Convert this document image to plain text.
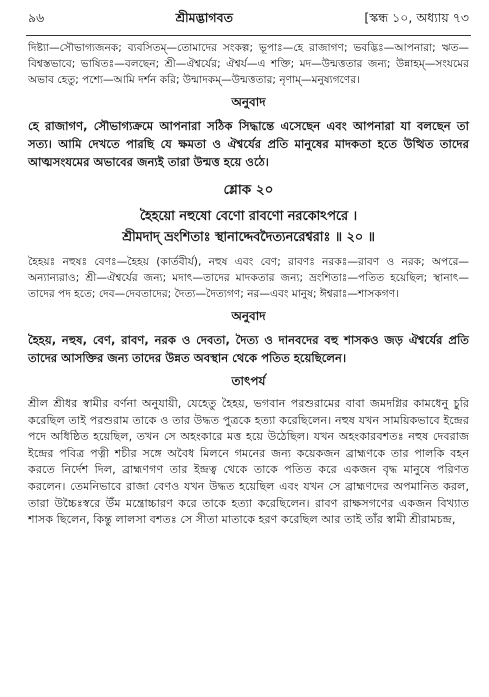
৯৬	শ্রীমদ্ভাগবত	[স্কন্ধ ১০, অধ্যায় ৭৩

দিষ্ট্যা—সৌভাগ্যজনক; ব্যবসিতম্—তোমাদের সংকল্প; ভূপাঃ—হে রাজাগণ; ভবদ্ভিঃ—আপনারা; ঋত—বিশ্বস্তভাবে; ভাষিতঃ—বলছেন; শ্রী—ঐশ্বর্যের; ঐশ্বর্য—এ শক্তি; মদ—উন্মত্ততার জন্য; উন্নাহম্—সংযমের অভাব হেতু; পশ্যে—আমি দর্শন করি; উন্মাদকম্—উন্মত্ততার; নৃণাম্—মনুষ্যগণের।

অনুবাদ

হে রাজাগণ, সৌভাগ্যক্রমে আপনারা সঠিক সিদ্ধান্তে এসেছেন এবং আপনারা যা বলছেন তা সত্য। আমি দেখতে পারছি যে ক্ষমতা ও ঐশ্বর্যের প্রতি মানুষের মাদকতা হতে উত্থিত তাদের আত্মসংযমের অভাবের জন্যই তারা উন্মত্ত হয়ে ওঠে।

শ্লোক ২০
হৈহয়ো নহুষো বেণো রাবণো নরকোঽপরে ।
শ্রীমদাদ্ ভ্রংশিতাঃ স্থানাদ্দেবদৈত্যনরেশ্বরাঃ ॥ ২০ ॥

হৈহয়ঃ নহুষঃ বেণঃ—হৈহয় (কার্তবীর্য), নহুষ এবং বেণ; রাবণঃ নরকঃ—রাবণ ও নরক; অপরে—অন্যান্যরাও; শ্রী—ঐশ্বর্যের জন্য; মদাৎ—তাদের মাদকতার জন্য; ভ্রংশিতাঃ—পতিত হয়েছিল; স্থানাৎ—তাদের পদ হতে; দেব—দেবতাদের; দৈত্য—দৈত্যগণ; নর—এবং মানুষ; ঈশ্বরাঃ—শাসকগণ।

অনুবাদ

হৈহয়, নহুষ, বেণ, রাবণ, নরক ও দেবতা, দৈত্য ও দানবদের বহু শাসকও জড় ঐশ্বর্যের প্রতি তাদের আসক্তির জন্য তাদের উন্নত অবস্থান থেকে পতিত হয়েছিলেন।

তাৎপর্য

শ্রীল শ্রীধর স্বামীর বর্ণনা অনুযায়ী, যেহেতু হৈহয়, ভগবান পরশুরামের বাবা জমদগ্নির কামধেনু চুরি করেছিল তাই পরশুরাম তাকে ও তার উদ্ধত পুত্রকে হত্যা করেছিলেন। নহুষ যখন সাময়িকভাবে ইন্দ্রের পদে অধিষ্ঠিত হয়েছিল, তখন সে অহংকারে মত্ত হয়ে উঠেছিল। যখন অহংকারবশতঃ নহুষ দেবরাজ ইন্দ্রের পবিত্র পত্নী শচীর সঙ্গে অবৈধ মিলনে গমনের জন্য কয়েকজন ব্রাহ্মণকে তার পালকি বহন করতে নির্দেশ দিল, ব্রাহ্মণগণ তার ইন্দ্রত্ব থেকে তাকে পতিত করে একজন বৃদ্ধ মানুষে পরিণত করলেন। তেমনিভাবে রাজা বেণও যখন উদ্ধত হয়েছিল এবং যখন সে ব্রাহ্মণদের অপমানিত করল, তারা উচ্চৈঃস্বরে উঁম মন্ত্রোচ্চারণ করে তাকে হত্যা করেছিলেন। রাবণ রাক্ষসগণের একজন বিখ্যাত শাসক ছিলেন, কিন্তু লালসা বশতঃ সে সীতা মাতাকে হরণ করেছিল আর তাই তাঁর স্বামী শ্রীরামচন্দ্র,
